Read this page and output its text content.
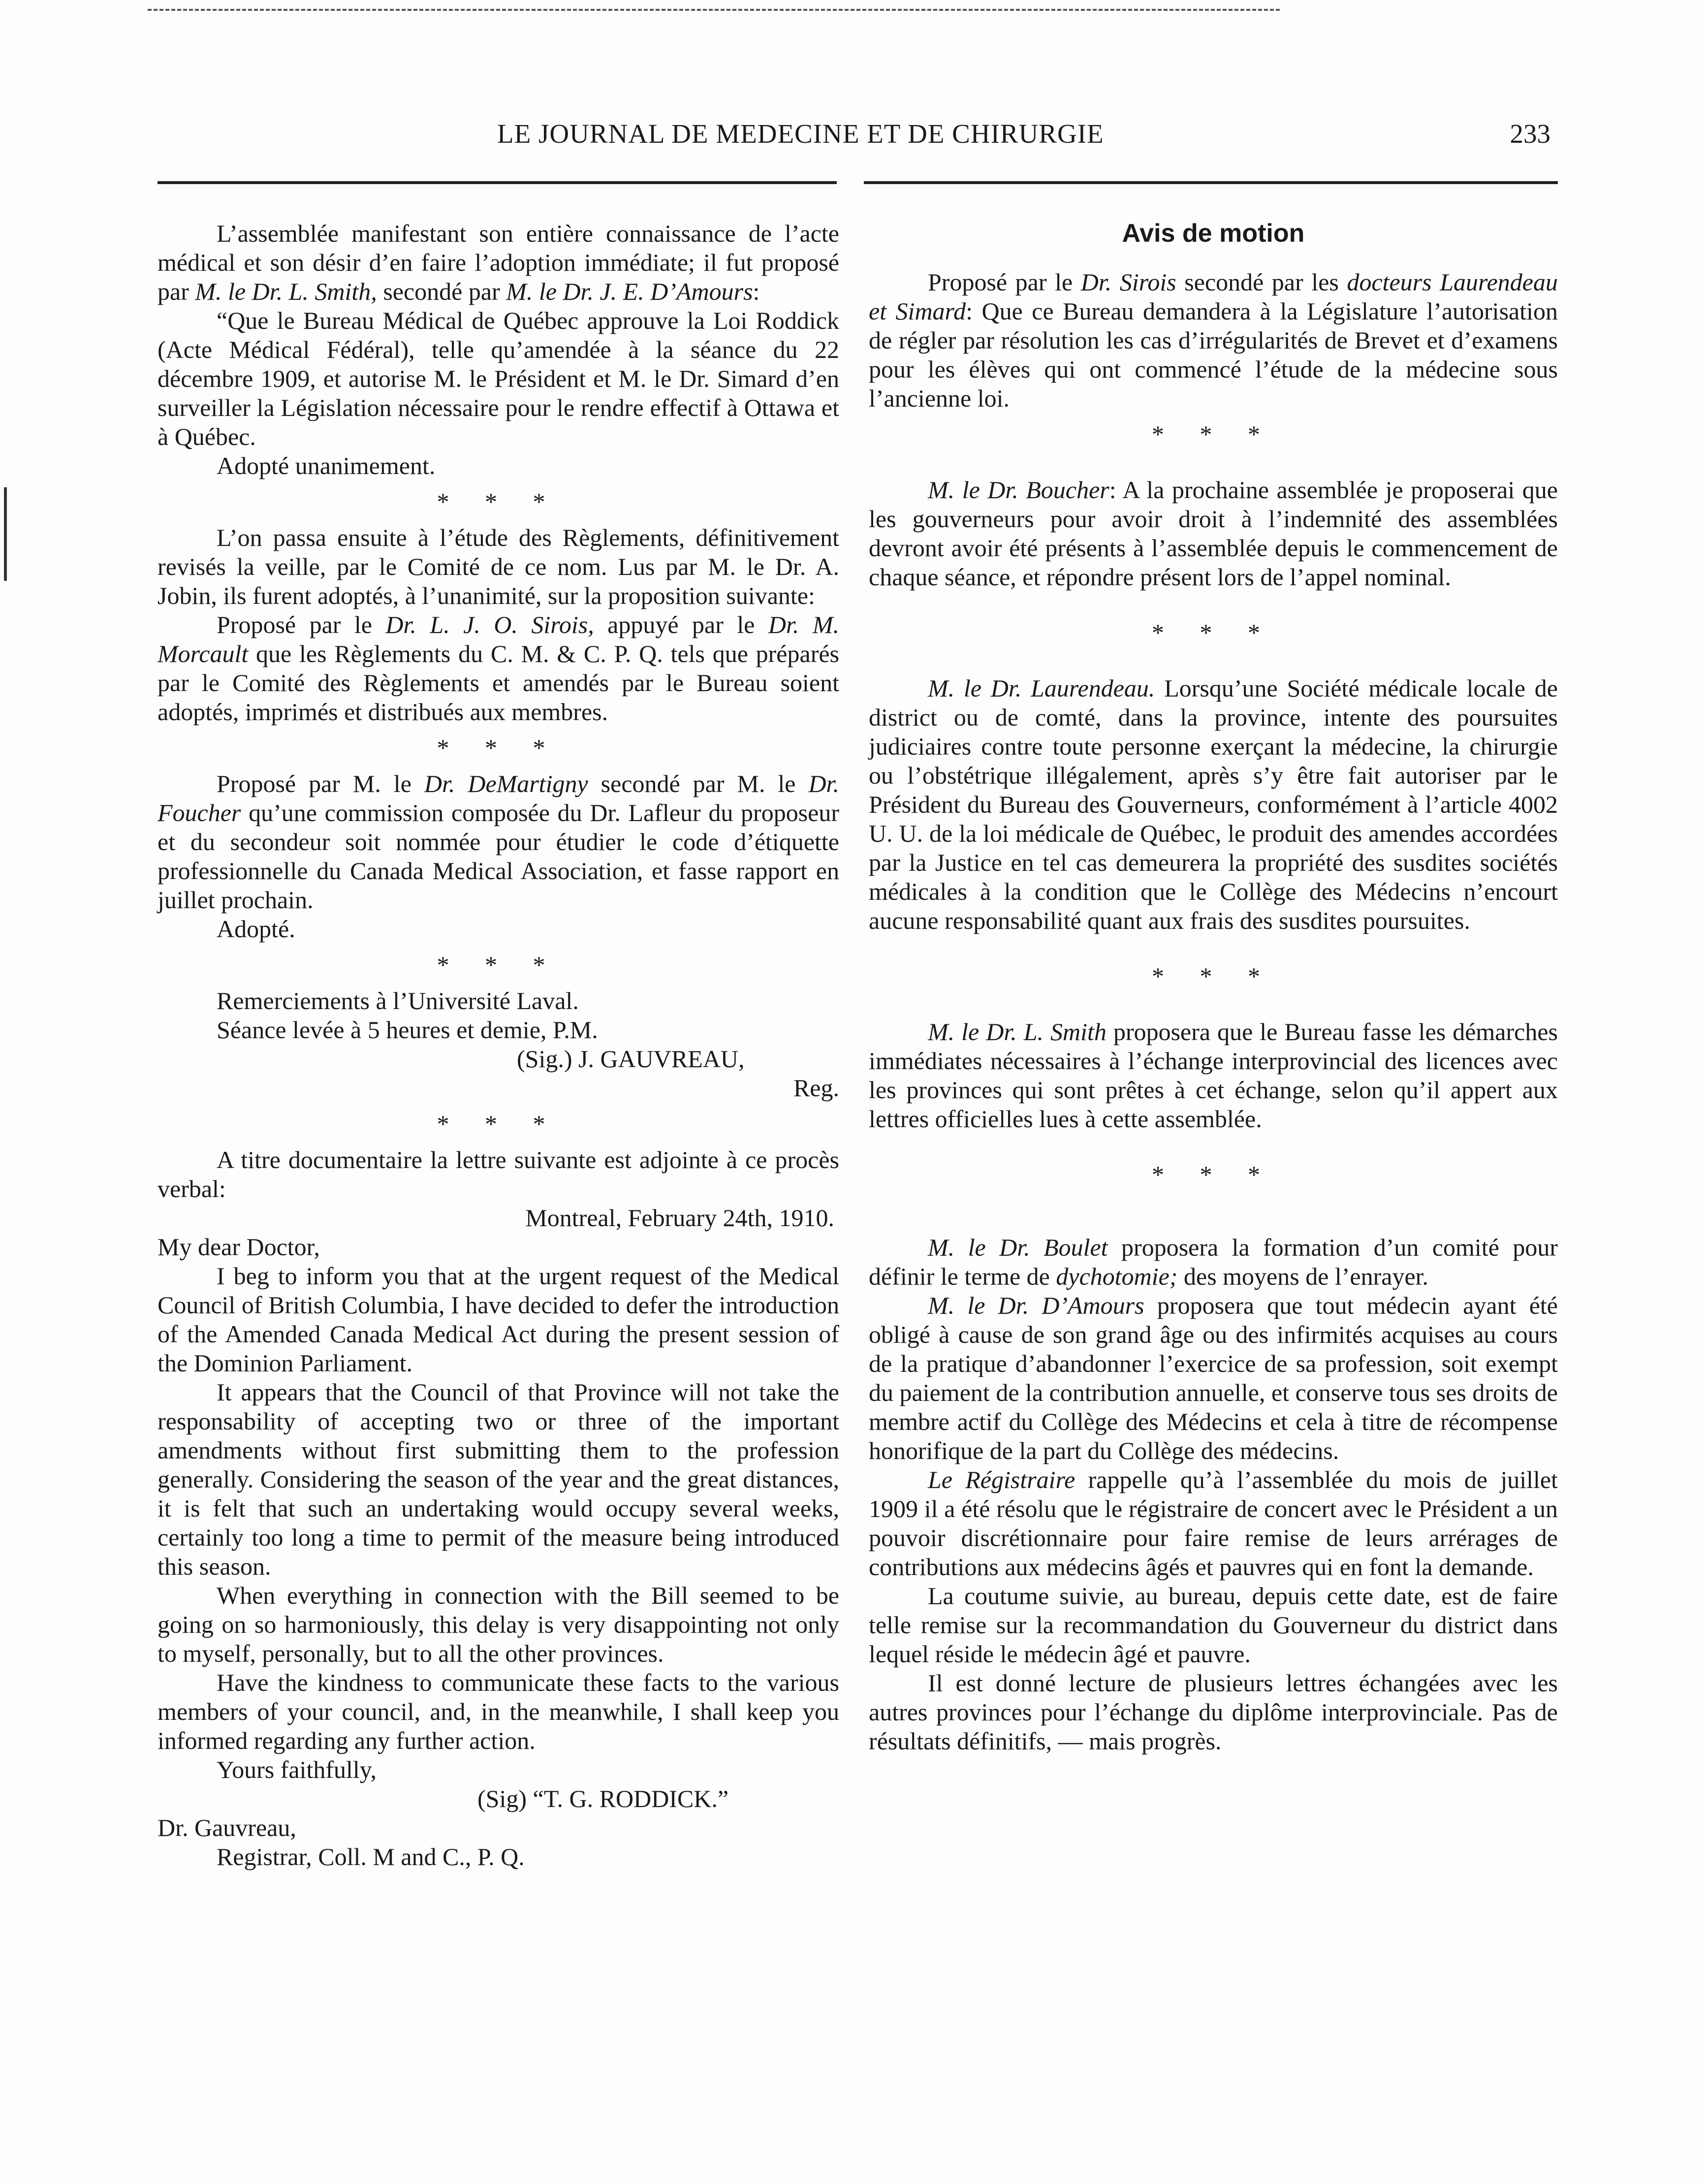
LE JOURNAL DE MEDECINE ET DE CHIRURGIE	233

L’assemblée manifestant son entière connaissance de l’acte médical et son désir d’en faire l’adoption immédiate; il fut proposé par M. le Dr. L. Smith, secondé par M. le Dr. J. E. D’Amours:

“Que le Bureau Médical de Québec approuve la Loi Roddick (Acte Médical Fédéral), telle qu’amendée à la séance du 22 décembre 1909, et autorise M. le Président et M. le Dr. Simard d’en surveiller la Législation nécessaire pour le rendre effectif à Ottawa et à Québec.

Adopté unanimement.

* * *

L’on passa ensuite à l’étude des Règlements, définitivement revisés la veille, par le Comité de ce nom. Lus par M. le Dr. A. Jobin, ils furent adoptés, à l’unanimité, sur la proposition suivante:

Proposé par le Dr. L. J. O. Sirois, appuyé par le Dr. M. Morcault que les Règlements du C. M. & C. P. Q. tels que préparés par le Comité des Règlements et amendés par le Bureau soient adoptés, imprimés et distribués aux membres.

* * *

Proposé par M. le Dr. DeMartigny secondé par M. le Dr. Foucher qu’une commission composée du Dr. Lafleur du proposeur et du secondeur soit nommée pour étudier le code d’étiquette professionnelle du Canada Medical Association, et fasse rapport en juillet prochain.

Adopté.

* * *

Remerciements à l’Université Laval.

Séance levée à 5 heures et demie, P.M.

(Sig.) J. GAUVREAU,

Reg.

* * *

A titre documentaire la lettre suivante est adjointe à ce procès verbal:

Montreal, February 24th, 1910.

My dear Doctor,

I beg to inform you that at the urgent request of the Medical Council of British Columbia, I have decided to defer the introduction of the Amended Canada Medical Act during the present session of the Dominion Parliament.

It appears that the Council of that Province will not take the responsability of accepting two or three of the important amendments without first submitting them to the profession generally. Considering the season of the year and the great distances, it is felt that such an undertaking would occupy several weeks, certainly too long a time to permit of the measure being introduced this season.

When everything in connection with the Bill seemed to be going on so harmoniously, this delay is very disappointing not only to myself, personally, but to all the other provinces.

Have the kindness to communicate these facts to the various members of your council, and, in the meanwhile, I shall keep you informed regarding any further action.

Yours faithfully,

(Sig) “T. G. RODDICK.”

Dr. Gauvreau,

Registrar, Coll. M and C., P. Q.

Avis de motion

Proposé par le Dr. Sirois secondé par les docteurs Laurendeau et Simard: Que ce Bureau demandera à la Législature l’autorisation de régler par résolution les cas d’irrégularités de Brevet et d’examens pour les élèves qui ont commencé l’étude de la médecine sous l’ancienne loi.

* * *

M. le Dr. Boucher: A la prochaine assemblée je proposerai que les gouverneurs pour avoir droit à l’indemnité des assemblées devront avoir été présents à l’assemblée depuis le commencement de chaque séance, et répondre présent lors de l’appel nominal.

* * *

M. le Dr. Laurendeau. Lorsqu’une Société médicale locale de district ou de comté, dans la province, intente des poursuites judiciaires contre toute personne exerçant la médecine, la chirurgie ou l’obstétrique illégalement, après s’y être fait autoriser par le Président du Bureau des Gouverneurs, conformément à l’article 4002 U. U. de la loi médicale de Québec, le produit des amendes accordées par la Justice en tel cas demeurera la propriété des susdites sociétés médicales à la condition que le Collège des Médecins n’encourt aucune responsabilité quant aux frais des susdites poursuites.

* * *

M. le Dr. L. Smith proposera que le Bureau fasse les démarches immédiates nécessaires à l’échange interprovincial des licences avec les provinces qui sont prêtes à cet échange, selon qu’il appert aux lettres officielles lues à cette assemblée.

* * *

M. le Dr. Boulet proposera la formation d’un comité pour définir le terme de dychotomie; des moyens de l’enrayer.

M. le Dr. D’Amours proposera que tout médecin ayant été obligé à cause de son grand âge ou des infirmités acquises au cours de la pratique d’abandonner l’exercice de sa profession, soit exempt du paiement de la contribution annuelle, et conserve tous ses droits de membre actif du Collège des Médecins et cela à titre de récompense honorifique de la part du Collège des médecins.

Le Régistraire rappelle qu’à l’assemblée du mois de juillet 1909 il a été résolu que le régistraire de concert avec le Président a un pouvoir discrétionnaire pour faire remise de leurs arrérages de contributions aux médecins âgés et pauvres qui en font la demande.

La coutume suivie, au bureau, depuis cette date, est de faire telle remise sur la recommandation du Gouverneur du district dans lequel réside le médecin âgé et pauvre.

Il est donné lecture de plusieurs lettres échangées avec les autres provinces pour l’échange du diplôme interprovinciale. Pas de résultats définitifs, — mais progrès.
